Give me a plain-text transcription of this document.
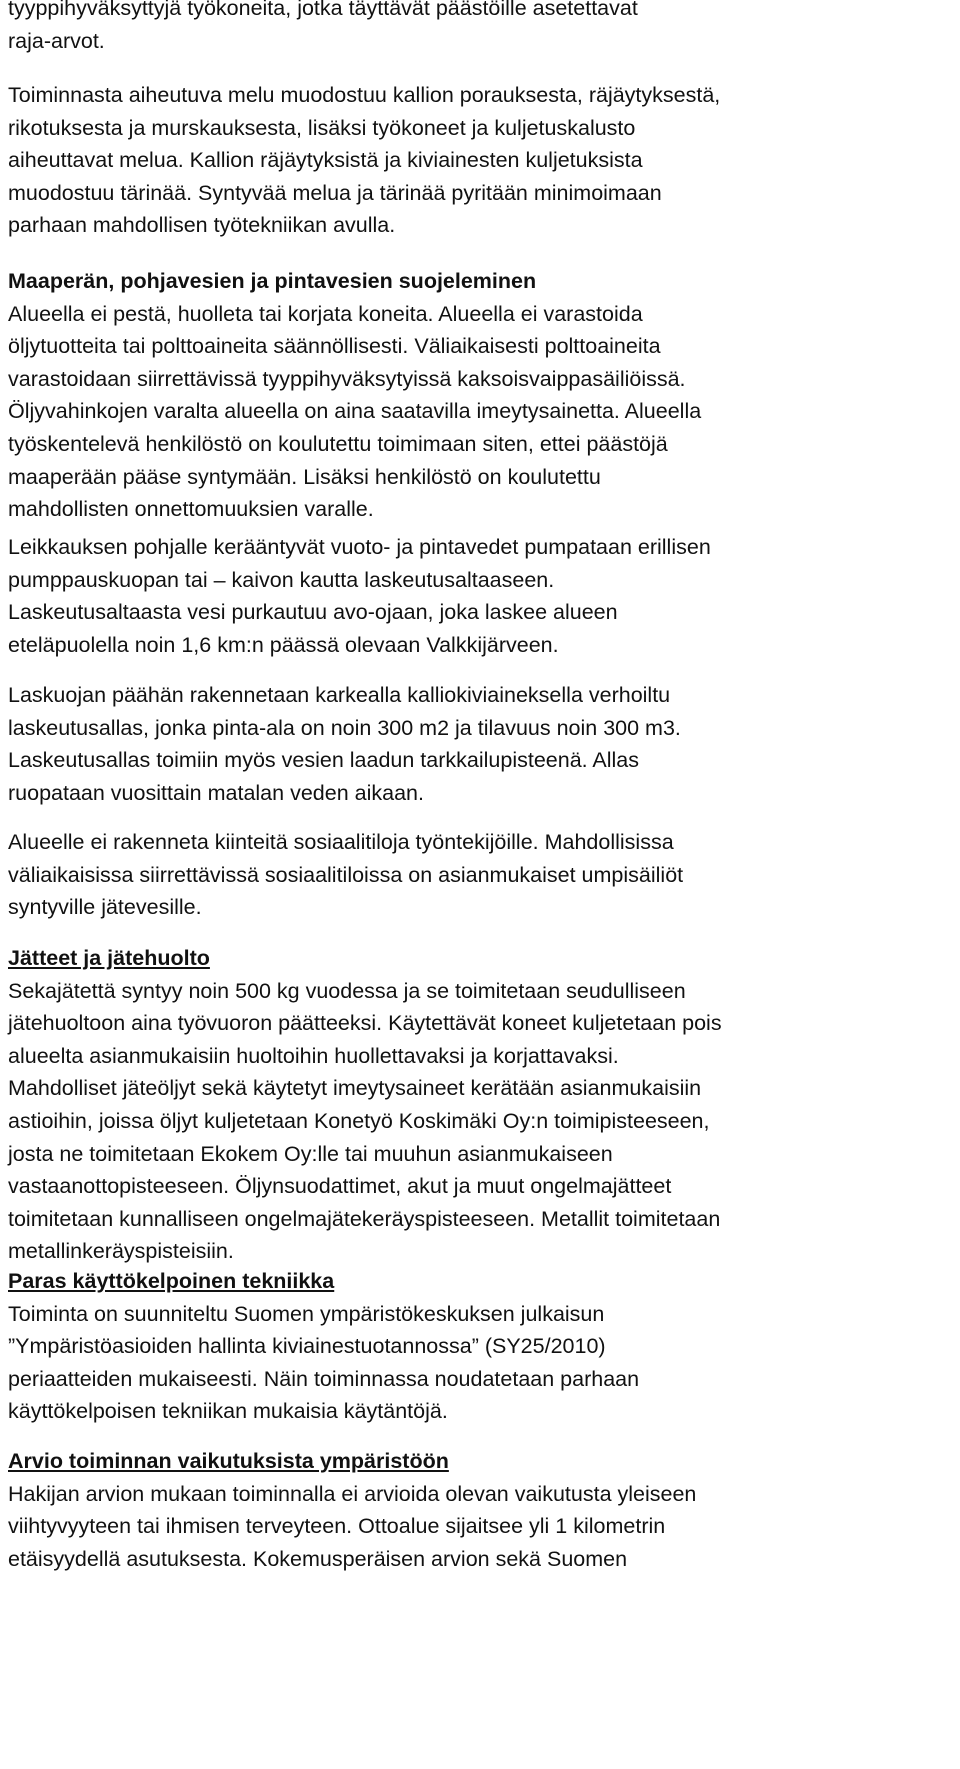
tyyppihyväksyttyjä työkoneita, jotka täyttävät päästöille asetettavat
raja-arvot.
Toiminnasta aiheutuva melu muodostuu kallion porauksesta, räjäytyksestä,
rikotuksesta ja murskauksesta, lisäksi työkoneet ja kuljetuskalusto
aiheuttavat melua. Kallion räjäytyksistä ja kiviainesten kuljetuksista
muodostuu tärinää. Syntyvää melua ja tärinää pyritään minimoimaan
parhaan mahdollisen työtekniikan avulla.
Maaperän, pohjavesien ja pintavesien suojeleminen
Alueella ei pestä, huolleta tai korjata koneita. Alueella ei varastoida
öljytuotteita tai polttoaineita säännöllisesti. Väliaikaisesti polttoaineita
varastoidaan siirrettävissä tyyppihyväksytyissä kaksoisvaippasäiliöissä.
Öljyvahinkojen varalta alueella on aina saatavilla imeytysainetta. Alueella
työskentelevä henkilöstö on koulutettu toimimaan siten, ettei päästöjä
maaperään pääse syntymään. Lisäksi henkilöstö on koulutettu
mahdollisten onnettomuuksien varalle.
Leikkauksen pohjalle kerääntyvät vuoto- ja pintavedet pumpataan erillisen
pumppauskuopan tai – kaivon kautta laskeutusaltaaseen.
Laskeutusaltaasta vesi purkautuu avo-ojaan, joka laskee alueen
eteläpuolella noin 1,6 km:n päässä olevaan Valkkijärveen.
Laskuojan päähän rakennetaan karkealla kalliokiviaineksella verhoiltu
laskeutusallas, jonka pinta-ala on noin 300 m2 ja tilavuus noin 300 m3.
Laskeutusallas toimiin myös vesien laadun tarkkailupisteenä. Allas
ruopataan vuosittain matalan veden aikaan.
Alueelle ei rakenneta kiinteitä sosiaalitiloja työntekijöille. Mahdollisissa
väliaikaisissa siirrettävissä sosiaalitiloissa on asianmukaiset umpisäiliöt
syntyville jätevesille.
Jätteet ja jätehuolto
Sekajätettä syntyy noin 500 kg vuodessa ja se toimitetaan seudulliseen
jätehuoltoon aina työvuoron päätteeksi. Käytettävät koneet kuljetetaan pois
alueelta asianmukaisiin huoltoihin huollettavaksi ja korjattavaksi.
Mahdolliset jäteöljyt sekä käytetyt imeytysaineet kerätään asianmukaisiin
astioihin, joissa öljyt kuljetetaan Konetyö Koskimäki Oy:n toimipisteeseen,
josta ne toimitetaan Ekokem Oy:lle tai muuhun asianmukaiseen
vastaanottopisteeseen. Öljynsuodattimet, akut ja muut ongelmajätteet
toimitetaan kunnalliseen ongelmajätekeräyspisteeseen. Metallit toimitetaan
metallinkeräyspisteisiin.
Paras käyttökelpoinen tekniikka
Toiminta on suunniteltu Suomen ympäristökeskuksen julkaisun
”Ympäristöasioiden hallinta kiviainestuotannossa” (SY25/2010)
periaatteiden mukaiseesti. Näin toiminnassa noudatetaan parhaan
käyttökelpoisen tekniikan mukaisia käytäntöjä.
Arvio toiminnan vaikutuksista ympäristöön
Hakijan arvion mukaan toiminnalla ei arvioida olevan vaikutusta yleiseen
viihtyvyyteen tai ihmisen terveyteen. Ottoalue sijaitsee yli 1 kilometrin
etäisyydellä asutuksesta. Kokemusperäisen arvion sekä Suomen
